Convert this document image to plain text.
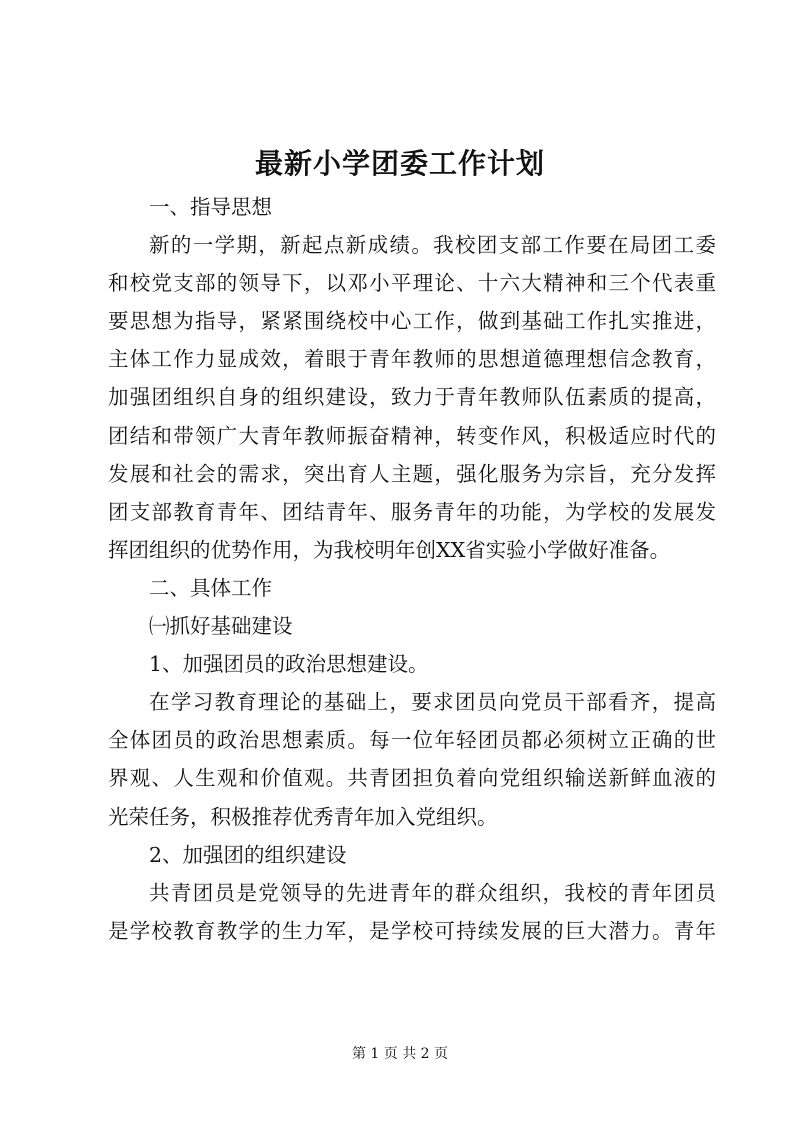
最新小学团委工作计划
一、指导思想
新的一学期，新起点新成绩。我校团支部工作要在局团工委
和校党支部的领导下，以邓小平理论、十六大精神和三个代表重
要思想为指导，紧紧围绕校中心工作，做到基础工作扎实推进，
主体工作力显成效，着眼于青年教师的思想道德理想信念教育，
加强团组织自身的组织建设，致力于青年教师队伍素质的提高，
团结和带领广大青年教师振奋精神，转变作风，积极适应时代的
发展和社会的需求，突出育人主题，强化服务为宗旨，充分发挥
团支部教育青年、团结青年、服务青年的功能，为学校的发展发
挥团组织的优势作用，为我校明年创XX省实验小学做好准备。
二、具体工作
㈠抓好基础建设
1、加强团员的政治思想建设。
在学习教育理论的基础上，要求团员向党员干部看齐，提高
全体团员的政治思想素质。每一位年轻团员都必须树立正确的世
界观、人生观和价值观。共青团担负着向党组织输送新鲜血液的
光荣任务，积极推荐优秀青年加入党组织。
2、加强团的组织建设
共青团员是党领导的先进青年的群众组织，我校的青年团员
是学校教育教学的生力军，是学校可持续发展的巨大潜力。青年
第 1 页 共 2 页
